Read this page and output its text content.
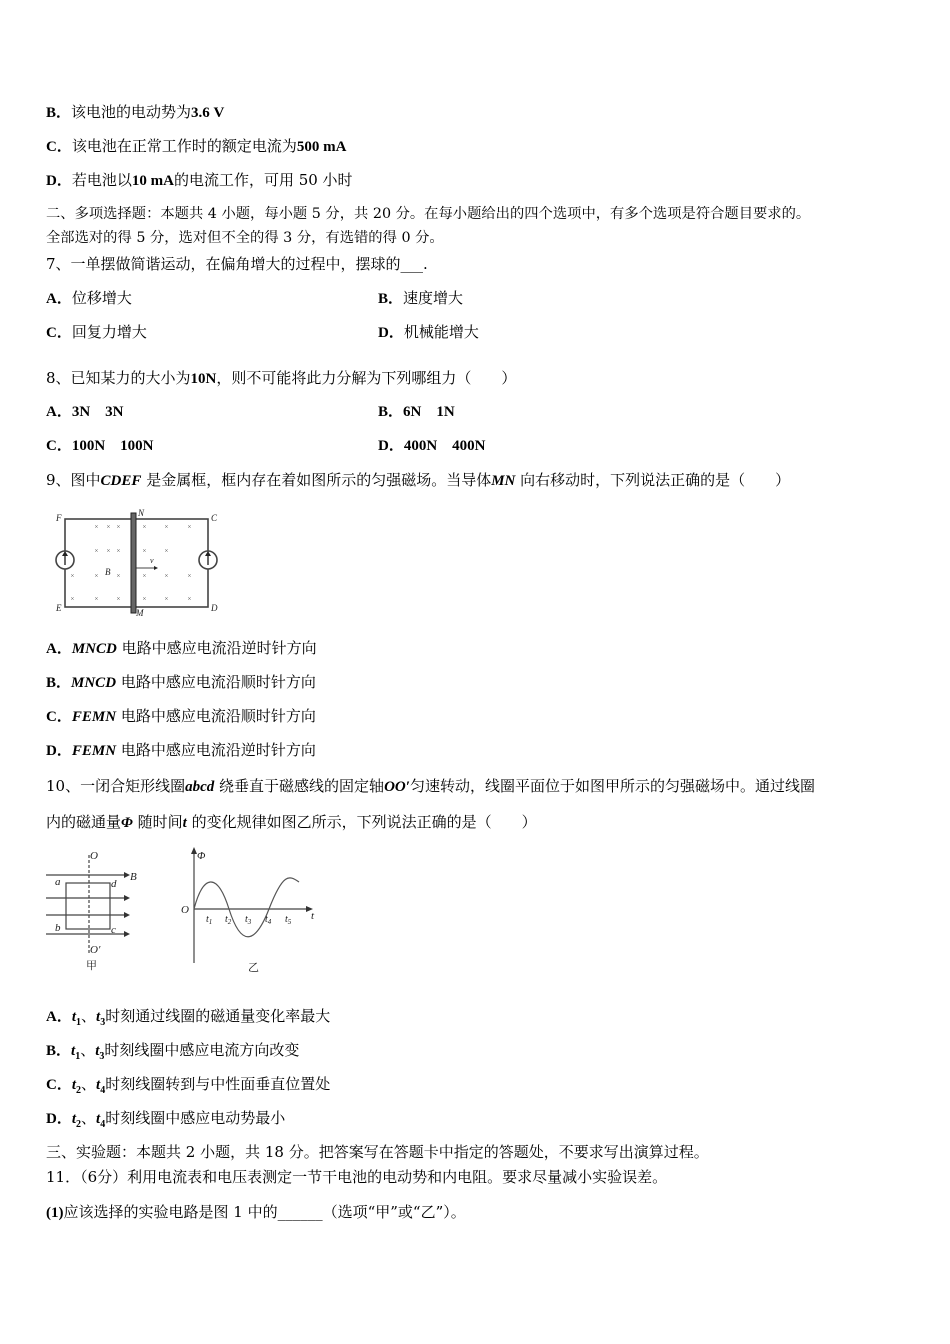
B．该电池的电动势为3.6 V
C．该电池在正常工作时的额定电流为500 mA
D．若电池以10 mA的电流工作，可用 50 小时
二、多项选择题：本题共 4 小题，每小题 5 分，共 20 分。在每小题给出的四个选项中，有多个选项是符合题目要求的。
全部选对的得 5 分，选对但不全的得 3 分，有选错的得 0 分。
7、一单摆做简谐运动，在偏角增大的过程中，摆球的___.
A．位移增大	B．速度增大
C．回复力增大	D．机械能增大
8、已知某力的大小为10N，则不可能将此力分解为下列哪组力（　　）
A．3N　3N	B．6N　1N
C．100N　100N	D．400N　400N
9、图中CDEF 是金属框，框内存在着如图所示的匀强磁场。当导体MN 向右移动时，下列说法正确的是（　　）
× × ×	× ×	×
× × ×	× ×
×	× ×	× ×	×
×	× ×	× ×	×
F	N	C
E	M	D
B
v
A．MNCD 电路中感应电流沿逆时针方向
B．MNCD 电路中感应电流沿顺时针方向
C．FEMN 电路中感应电流沿顺时针方向
D．FEMN 电路中感应电流沿逆时针方向
10、一闭合矩形线圈abcd 绕垂直于磁感线的固定轴OO′匀速转动，线圈平面位于如图甲所示的匀强磁场中。通过线圈
内的磁通量Φ 随时间t 的变化规律如图乙所示，下列说法正确的是（　　）
O
O′
a	d
b	c
B
甲
Φ
O	t
$t_1$ $t_2$ $t_3$ $t_4$ $t_5$
乙
A．$t_1$、$t_3$时刻通过线圈的磁通量变化率最大
B．$t_1$、$t_3$时刻线圈中感应电流方向改变
C．$t_2$、$t_4$时刻线圈转到与中性面垂直位置处
D．$t_2$、$t_4$时刻线圈中感应电动势最小
三、实验题：本题共 2 小题，共 18 分。把答案写在答题卡中指定的答题处，不要求写出演算过程。
11．（6分）利用电流表和电压表测定一节干电池的电动势和内电阻。要求尽量减小实验误差。
(1)应该选择的实验电路是图 1 中的______（选项“甲”或“乙”）。
